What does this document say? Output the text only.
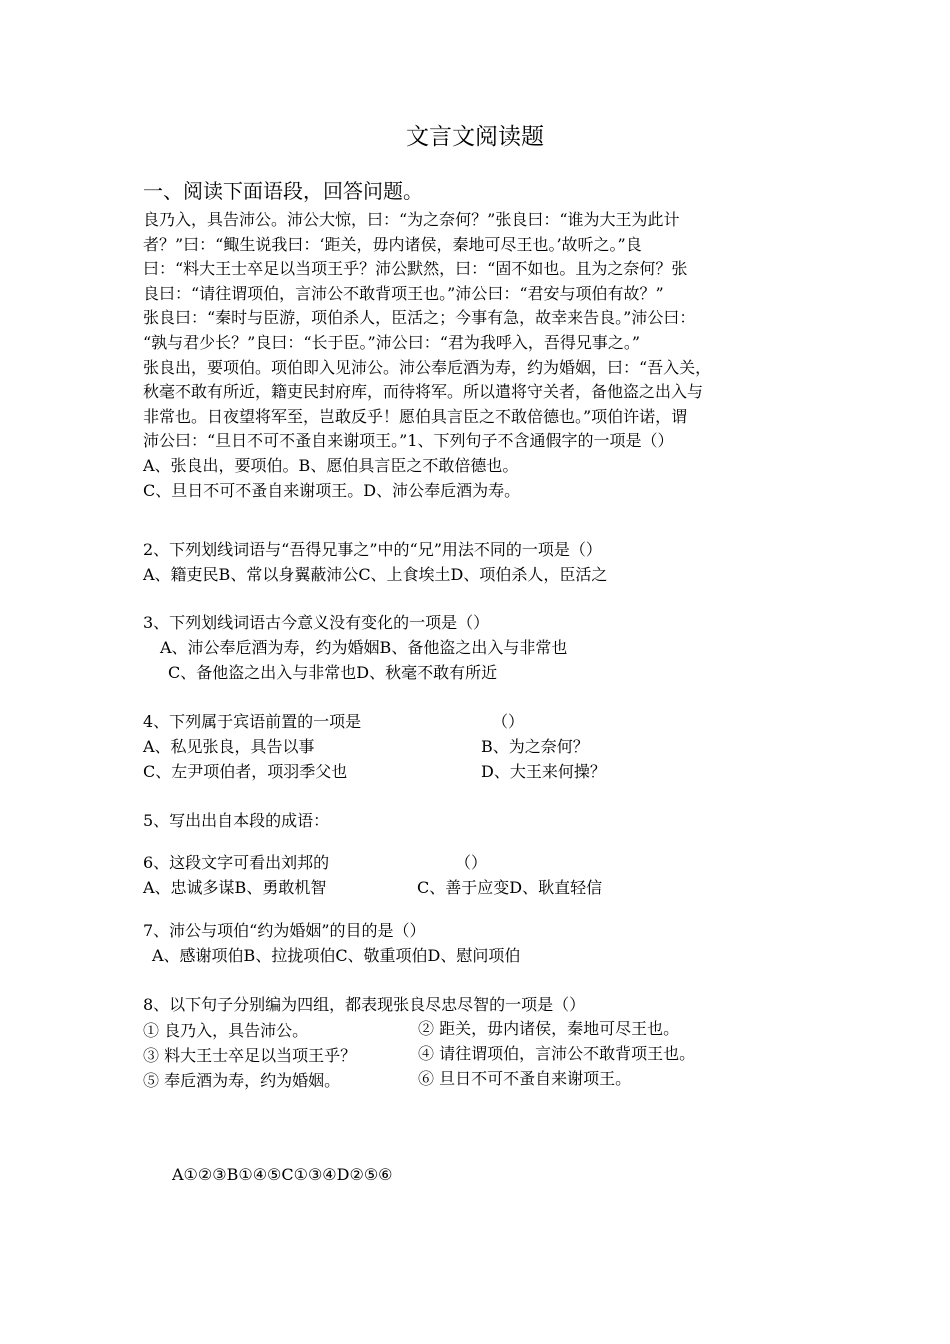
文言文阅读题
一、阅读下面语段，回答问题。
良乃入，具告沛公。沛公大惊，曰：“为之奈何？”张良曰：“谁为大王为此计
者？”曰：“鲰生说我曰：‘距关，毋内诸侯，秦地可尽王也。’故听之。”良
曰：“料大王士卒足以当项王乎？沛公默然，曰：“固不如也。且为之奈何？张
良曰：“请往谓项伯，言沛公不敢背项王也。”沛公曰：“君安与项伯有故？”
张良曰：“秦时与臣游，项伯杀人，臣活之；今事有急，故幸来告良。”沛公曰：
“孰与君少长？”良曰：“长于臣。”沛公曰：“君为我呼入，吾得兄事之。”
张良出，要项伯。项伯即入见沛公。沛公奉卮酒为寿，约为婚姻，曰：“吾入关，
秋毫不敢有所近，籍吏民封府库，而待将军。所以遣将守关者，备他盗之出入与
非常也。日夜望将军至，岂敢反乎！愿伯具言臣之不敢倍德也。”项伯许诺，谓
沛公曰：“旦日不可不蚤自来谢项王。”1、下列句子不含通假字的一项是（）
A、张良出，要项伯。B、愿伯具言臣之不敢倍德也。
C、旦日不可不蚤自来谢项王。D、沛公奉卮酒为寿。
2、下列划线词语与“吾得兄事之”中的“兄”用法不同的一项是（）
A、籍吏民B、常以身翼蔽沛公C、上食埃土D、项伯杀人，臣活之
3、下列划线词语古今意义没有变化的一项是（）
A、沛公奉卮酒为寿，约为婚姻B、备他盗之出入与非常也
C、备他盗之出入与非常也D、秋毫不敢有所近
4、下列属于宾语前置的一项是	（）
A、私见张良，具告以事	B、为之奈何？
C、左尹项伯者，项羽季父也	D、大王来何操？
5、写出出自本段的成语：
6、这段文字可看出刘邦的	（）
A、忠诚多谋B、勇敢机智	C、善于应变D、耿直轻信
7、沛公与项伯“约为婚姻”的目的是（）
A、感谢项伯B、拉拢项伯C、敬重项伯D、慰问项伯
8、以下句子分别编为四组，都表现张良尽忠尽智的一项是（）
① 良乃入，具告沛公。	② 距关，毋内诸侯，秦地可尽王也。
③ 料大王士卒足以当项王乎？	④ 请往谓项伯，言沛公不敢背项王也。
⑤ 奉卮酒为寿，约为婚姻。	⑥ 旦日不可不蚤自来谢项王。
A①②③B①④⑤C①③④D②⑤⑥
